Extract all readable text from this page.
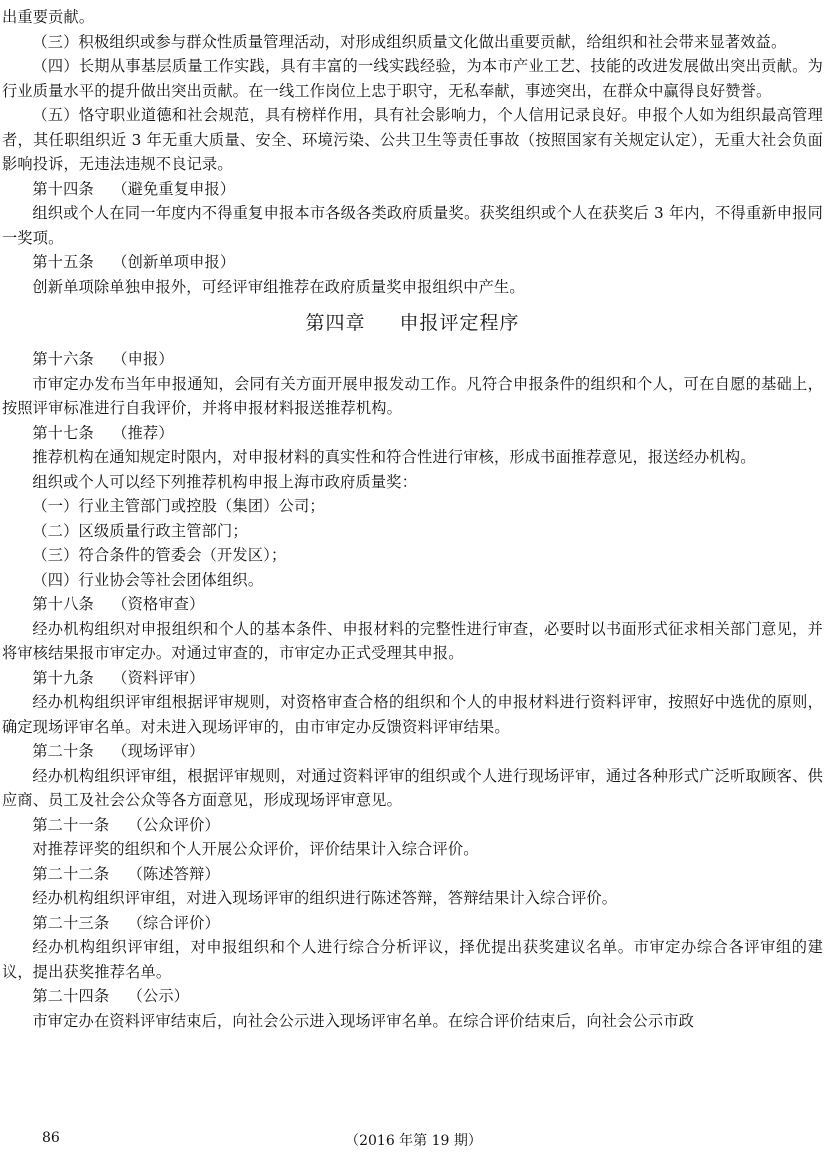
出重要贡献。

（三）积极组织或参与群众性质量管理活动，对形成组织质量文化做出重要贡献，给组织和社会带来显著效益。

（四）长期从事基层质量工作实践，具有丰富的一线实践经验，为本市产业工艺、技能的改进发展做出突出贡献。为行业质量水平的提升做出突出贡献。在一线工作岗位上忠于职守，无私奉献，事迹突出，在群众中赢得良好赞誉。

（五）恪守职业道德和社会规范，具有榜样作用，具有社会影响力，个人信用记录良好。申报个人如为组织最高管理者，其任职组织近 3 年无重大质量、安全、环境污染、公共卫生等责任事故（按照国家有关规定认定），无重大社会负面影响投诉，无违法违规不良记录。

第十四条 （避免重复申报）

组织或个人在同一年度内不得重复申报本市各级各类政府质量奖。获奖组织或个人在获奖后 3 年内，不得重新申报同一奖项。

第十五条 （创新单项申报）

创新单项除单独申报外，可经评审组推荐在政府质量奖申报组织中产生。

第四章 申报评定程序

第十六条 （申报）

市审定办发布当年申报通知，会同有关方面开展申报发动工作。凡符合申报条件的组织和个人，可在自愿的基础上，按照评审标准进行自我评价，并将申报材料报送推荐机构。

第十七条 （推荐）

推荐机构在通知规定时限内，对申报材料的真实性和符合性进行审核，形成书面推荐意见，报送经办机构。

组织或个人可以经下列推荐机构申报上海市政府质量奖：

（一）行业主管部门或控股（集团）公司；

（二）区级质量行政主管部门；

（三）符合条件的管委会（开发区）；

（四）行业协会等社会团体组织。

第十八条 （资格审查）

经办机构组织对申报组织和个人的基本条件、申报材料的完整性进行审查，必要时以书面形式征求相关部门意见，并将审核结果报市审定办。对通过审查的，市审定办正式受理其申报。

第十九条 （资料评审）

经办机构组织评审组根据评审规则，对资格审查合格的组织和个人的申报材料进行资料评审，按照好中选优的原则，确定现场评审名单。对未进入现场评审的，由市审定办反馈资料评审结果。

第二十条 （现场评审）

经办机构组织评审组，根据评审规则，对通过资料评审的组织或个人进行现场评审，通过各种形式广泛听取顾客、供应商、员工及社会公众等各方面意见，形成现场评审意见。

第二十一条 （公众评价）

对推荐评奖的组织和个人开展公众评价，评价结果计入综合评价。

第二十二条 （陈述答辩）

经办机构组织评审组，对进入现场评审的组织进行陈述答辩，答辩结果计入综合评价。

第二十三条 （综合评价）

经办机构组织评审组，对申报组织和个人进行综合分析评议，择优提出获奖建议名单。市审定办综合各评审组的建议，提出获奖推荐名单。

第二十四条 （公示）

市审定办在资料评审结束后，向社会公示进入现场评审名单。在综合评价结束后，向社会公示市政

86	（2016 年第 19 期）
